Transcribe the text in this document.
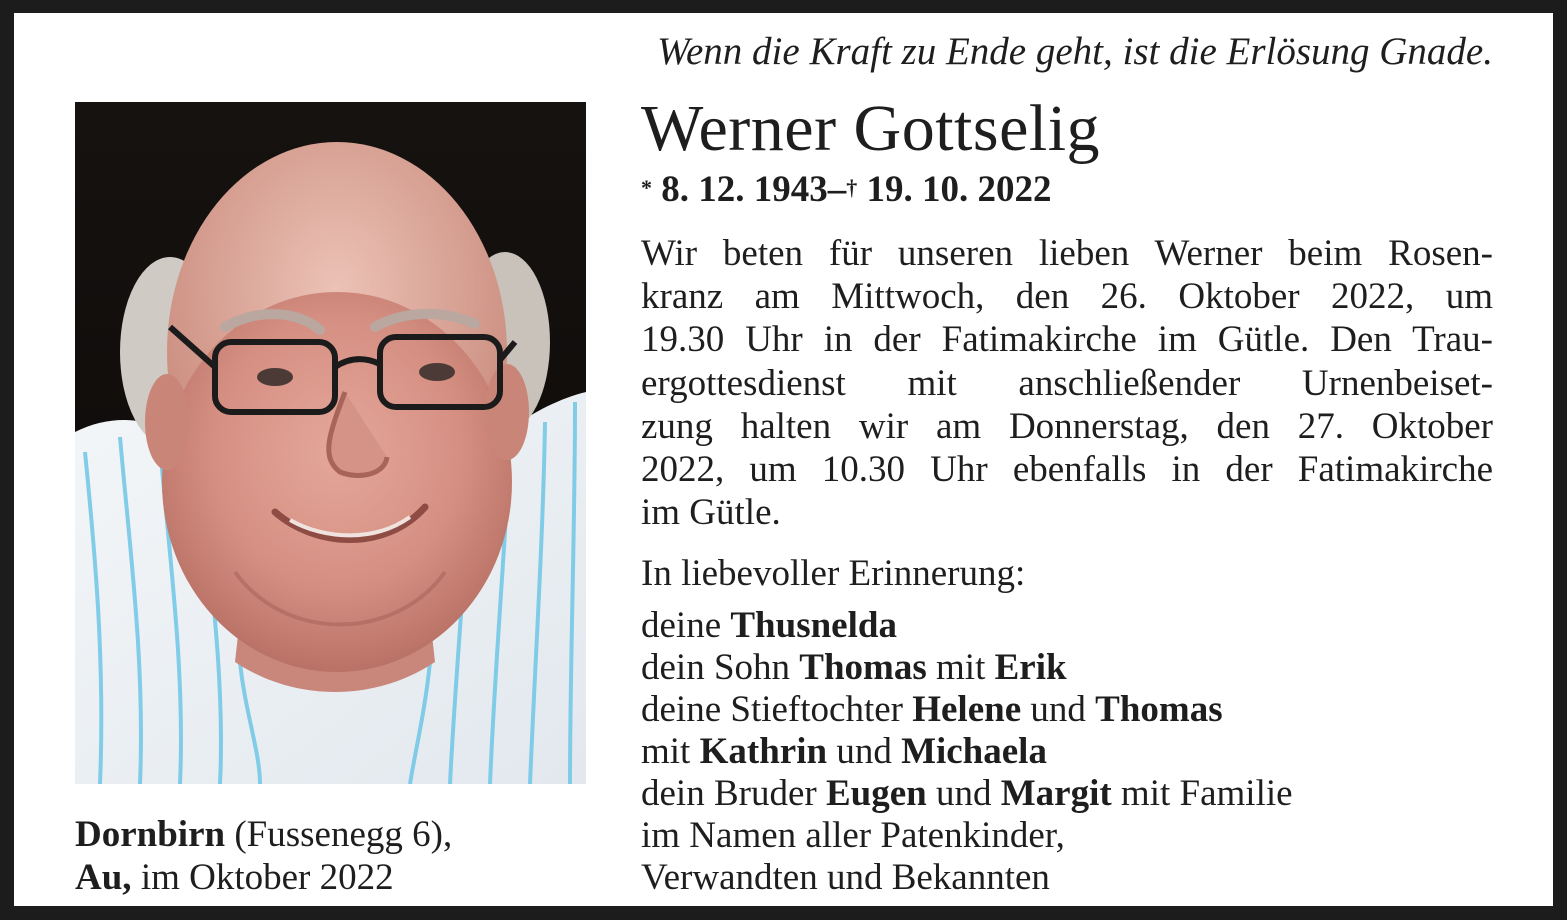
Wenn die Kraft zu Ende geht, ist die Erlösung Gnade.
Werner Gottselig
* 8. 12. 1943–† 19. 10. 2022
Wir beten für unseren lieben Werner beim Rosen-
kranz am Mittwoch, den 26. Oktober 2022, um
19.30 Uhr in der Fatimakirche im Gütle. Den Trau-
ergottesdienst mit anschließender Urnenbeiset-
zung halten wir am Donnerstag, den 27. Oktober
2022, um 10.30 Uhr ebenfalls in der Fatimakirche
im Gütle.
In liebevoller Erinnerung:
deine Thusnelda
dein Sohn Thomas mit Erik
deine Stieftochter Helene und Thomas
mit Kathrin und Michaela
dein Bruder Eugen und Margit mit Familie
im Namen aller Patenkinder,
Verwandten und Bekannten
Dornbirn (Fussenegg 6),
Au, im Oktober 2022
